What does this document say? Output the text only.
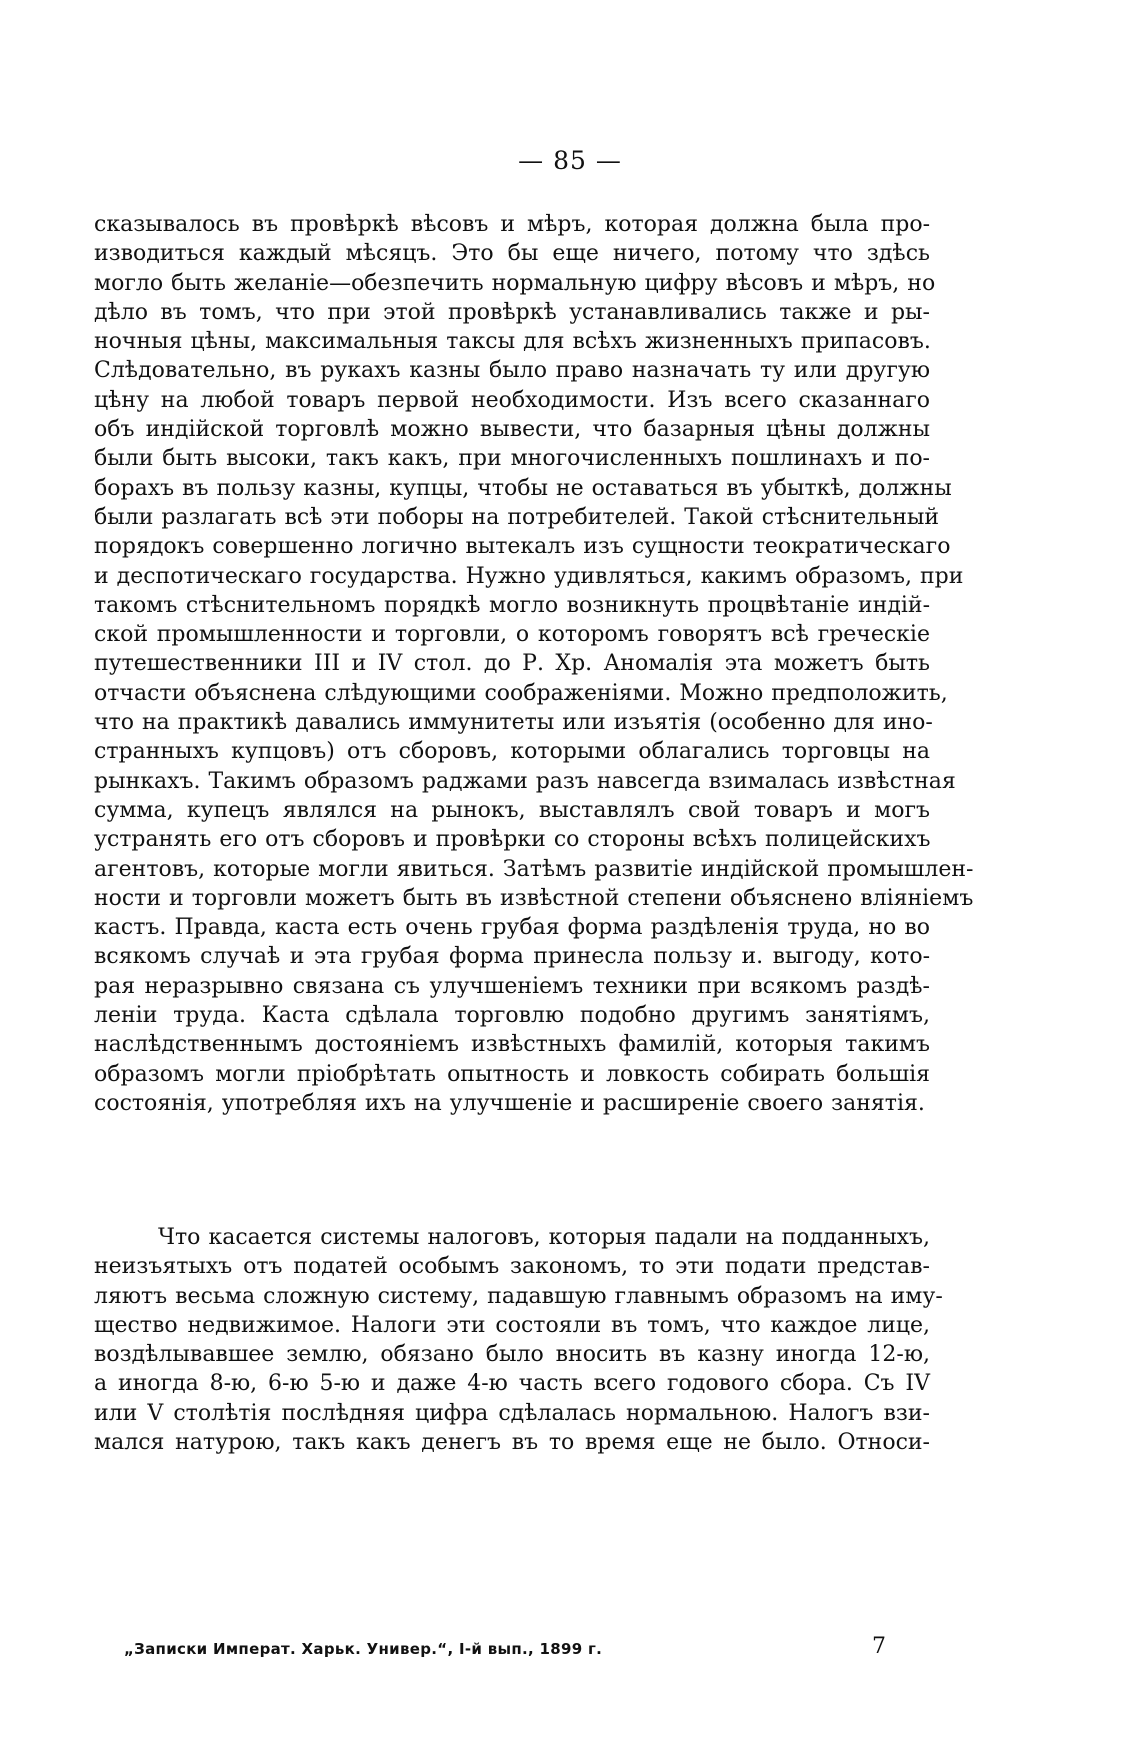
— 85 —
сказывалось въ провѣркѣ вѣсовъ и мѣръ, которая должна была про-
изводиться каждый мѣсяцъ. Это бы еще ничего, потому что здѣсь
могло быть желаніе—обезпечить нормальную цифру вѣсовъ и мѣръ, но
дѣло въ томъ, что при этой провѣркѣ устанавливались также и ры-
ночныя цѣны, максимальныя таксы для всѣхъ жизненныхъ припасовъ.
Слѣдовательно, въ рукахъ казны было право назначать ту или другую
цѣну на любой товаръ первой необходимости. Изъ всего сказаннаго
объ индійской торговлѣ можно вывести, что базарныя цѣны должны
были быть высоки, такъ какъ, при многочисленныхъ пошлинахъ и по-
борахъ въ пользу казны, купцы, чтобы не оставаться въ убыткѣ, должны
были разлагать всѣ эти поборы на потребителей. Такой стѣснительный
порядокъ совершенно логично вытекалъ изъ сущности теократическаго
и деспотическаго государства. Нужно удивляться, какимъ образомъ, при
такомъ стѣснительномъ порядкѣ могло возникнуть процвѣтаніе индій-
ской промышленности и торговли, о которомъ говорятъ всѣ греческіе
путешественники III и IV стол. до Р. Хр. Аномалія эта можетъ быть
отчасти объяснена слѣдующими соображеніями. Можно предположить,
что на практикѣ давались иммунитеты или изъятія (особенно для ино-
странныхъ купцовъ) отъ сборовъ, которыми облагались торговцы на
рынкахъ. Такимъ образомъ раджами разъ навсегда взималась извѣстная
сумма, купецъ являлся на рынокъ, выставлялъ свой товаръ и могъ
устранять его отъ сборовъ и провѣрки со стороны всѣхъ полицейскихъ
агентовъ, которые могли явиться. Затѣмъ развитіе индійской промышлен-
ности и торговли можетъ быть въ извѣстной степени объяснено вліяніемъ
кастъ. Правда, каста есть очень грубая форма раздѣленія труда, но во
всякомъ случаѣ и эта грубая форма принесла пользу и. выгоду, кото-
рая неразрывно связана съ улучшеніемъ техники при всякомъ раздѣ-
леніи труда. Каста сдѣлала торговлю подобно другимъ занятіямъ,
наслѣдственнымъ достояніемъ извѣстныхъ фамилій, которыя такимъ
образомъ могли пріобрѣтать опытность и ловкость собирать большія
состоянія, употребляя ихъ на улучшеніе и расширеніе своего занятія.
Что касается системы налоговъ, которыя падали на подданныхъ,
неизъятыхъ отъ податей особымъ закономъ, то эти подати представ-
ляютъ весьма сложную систему, падавшую главнымъ образомъ на иму-
щество недвижимое. Налоги эти состояли въ томъ, что каждое лице,
воздѣлывавшее землю, обязано было вносить въ казну иногда 12-ю,
а иногда 8-ю, 6-ю 5-ю и даже 4-ю часть всего годового сбора. Съ IV
или V столѣтія послѣдняя цифра сдѣлалась нормальною. Налогъ взи-
мался натурою, такъ какъ денегъ въ то время еще не было. Относи-
„Записки Императ. Харьк. Универ.“, I-й вып., 1899 г.	7
